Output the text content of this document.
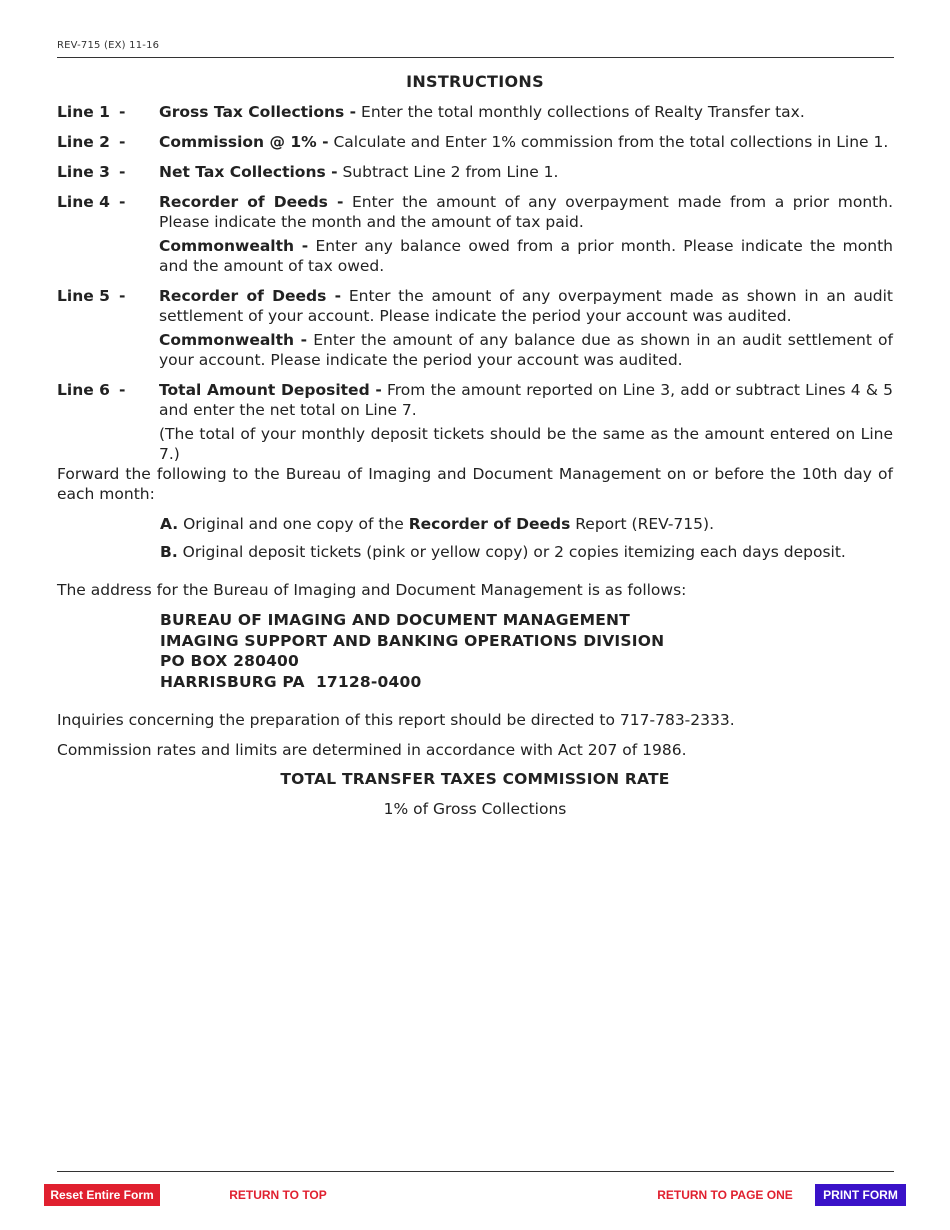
REV-715 (EX) 11-16
INSTRUCTIONS
Line 1 -	Gross Tax Collections - Enter the total monthly collections of Realty Transfer tax.

Line 2 -	Commission @ 1% - Calculate and Enter 1% commission from the total collections in Line 1.

Line 3 -	Net Tax Collections - Subtract Line 2 from Line 1.

Line 4 -	Recorder of Deeds - Enter the amount of any overpayment made from a prior month. Please indicate the month and the amount of tax paid.

Commonwealth - Enter any balance owed from a prior month. Please indicate the month and the amount of tax owed.

Line 5 -	Recorder of Deeds - Enter the amount of any overpayment made as shown in an audit settlement of your account. Please indicate the period your account was audited.

Commonwealth - Enter the amount of any balance due as shown in an audit settlement of your account. Please indicate the period your account was audited.

Line 6 -	Total Amount Deposited - From the amount reported on Line 3, add or subtract Lines 4 & 5 and enter the net total on Line 7.

(The total of your monthly deposit tickets should be the same as the amount entered on Line 7.)

Forward the following to the Bureau of Imaging and Document Management on or before the 10th day of each month:
A. Original and one copy of the Recorder of Deeds Report (REV-715).
B. Original deposit tickets (pink or yellow copy) or 2 copies itemizing each days deposit.
The address for the Bureau of Imaging and Document Management is as follows:
BUREAU OF IMAGING AND DOCUMENT MANAGEMENT
IMAGING SUPPORT AND BANKING OPERATIONS DIVISION
PO BOX 280400
HARRISBURG PA  17128-0400
Inquiries concerning the preparation of this report should be directed to 717-783-2333.
Commission rates and limits are determined in accordance with Act 207 of 1986.
TOTAL TRANSFER TAXES COMMISSION RATE
1% of Gross Collections
Reset Entire Form	RETURN TO TOP	RETURN TO PAGE ONE	PRINT FORM
